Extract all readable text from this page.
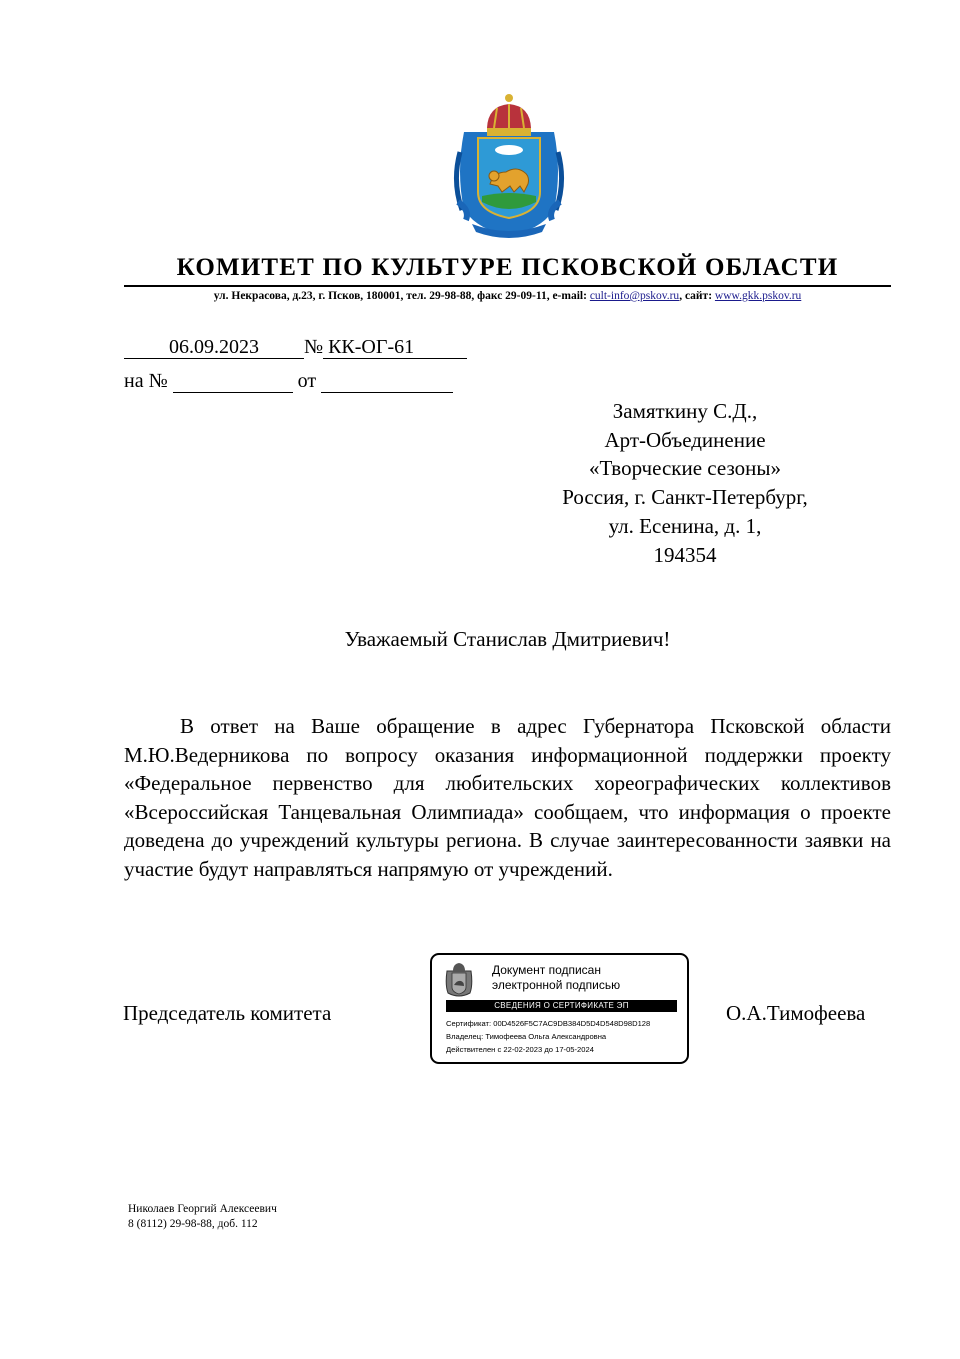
КОМИТЕТ ПО КУЛЬТУРЕ ПСКОВСКОЙ ОБЛАСТИ
ул. Некрасова, д.23, г. Псков, 180001, тел. 29-98-88, факс 29-09-11, e-mail: cult-info@pskov.ru, сайт: www.gkk.pskov.ru
06.09.2023 № КК-ОГ-61
на №	от
Замяткину С.Д.,
Арт-Объединение
«Творческие сезоны»
Россия, г. Санкт-Петербург,
ул. Есенина, д. 1,
194354
Уважаемый Станислав Дмитриевич!

В ответ на Ваше обращение в адрес Губернатора Псковской области М.Ю.Ведерникова по вопросу оказания информационной поддержки проекту «Федеральное первенство для любительских хореографических коллективов «Всероссийская Танцевальная Олимпиада» сообщаем, что информация о проекте доведена до учреждений культуры региона. В случае заинтересованности заявки на участие будут направляться напрямую от учреждений.

Председатель комитета	О.А.Тимофеева
Документ подписан
электронной подписью
СВЕДЕНИЯ О СЕРТИФИКАТЕ ЭП
Сертификат: 00D4526F5C7AC9DB384D5D4D548D98D128
Владелец: Тимофеева Ольга Александровна
Действителен с 22-02-2023 до 17-05-2024
Николаев Георгий Алексеевич
8 (8112) 29-98-88, доб. 112
